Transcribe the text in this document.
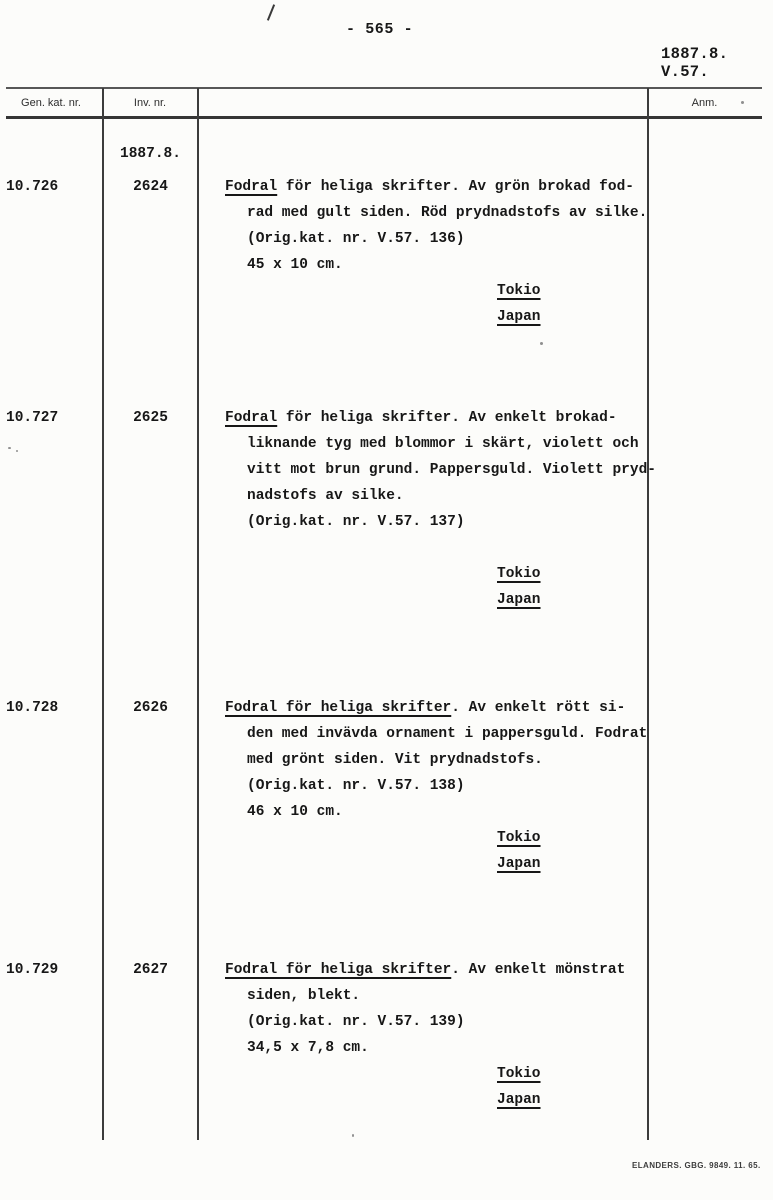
- 565 -
1887.8.
V.57.
Gen. kat. nr.	Inv. nr.	Anm.
1887.8.
10.726	2624	Fodral för heliga skrifter. Av grön brokad fod-
rad med gult siden. Röd prydnadstofs av silke.
(Orig.kat. nr. V.57. 136)
45 x 10 cm.
Tokio
Japan
10.727	2625	Fodral för heliga skrifter. Av enkelt brokad-
liknande tyg med blommor i skärt, violett och
vitt mot brun grund. Pappersguld. Violett pryd-
nadstofs av silke.
(Orig.kat. nr. V.57. 137)
Tokio
Japan
10.728	2626	Fodral för heliga skrifter. Av enkelt rött si-
den med invävda ornament i pappersguld. Fodrat
med grönt siden. Vit prydnadstofs.
(Orig.kat. nr. V.57. 138)
46 x 10 cm.
Tokio
Japan
10.729	2627	Fodral för heliga skrifter. Av enkelt mönstrat
siden, blekt.
(Orig.kat. nr. V.57. 139)
34,5 x 7,8 cm.
Tokio
Japan
ELANDERS. GBG. 9849. 11. 65.
